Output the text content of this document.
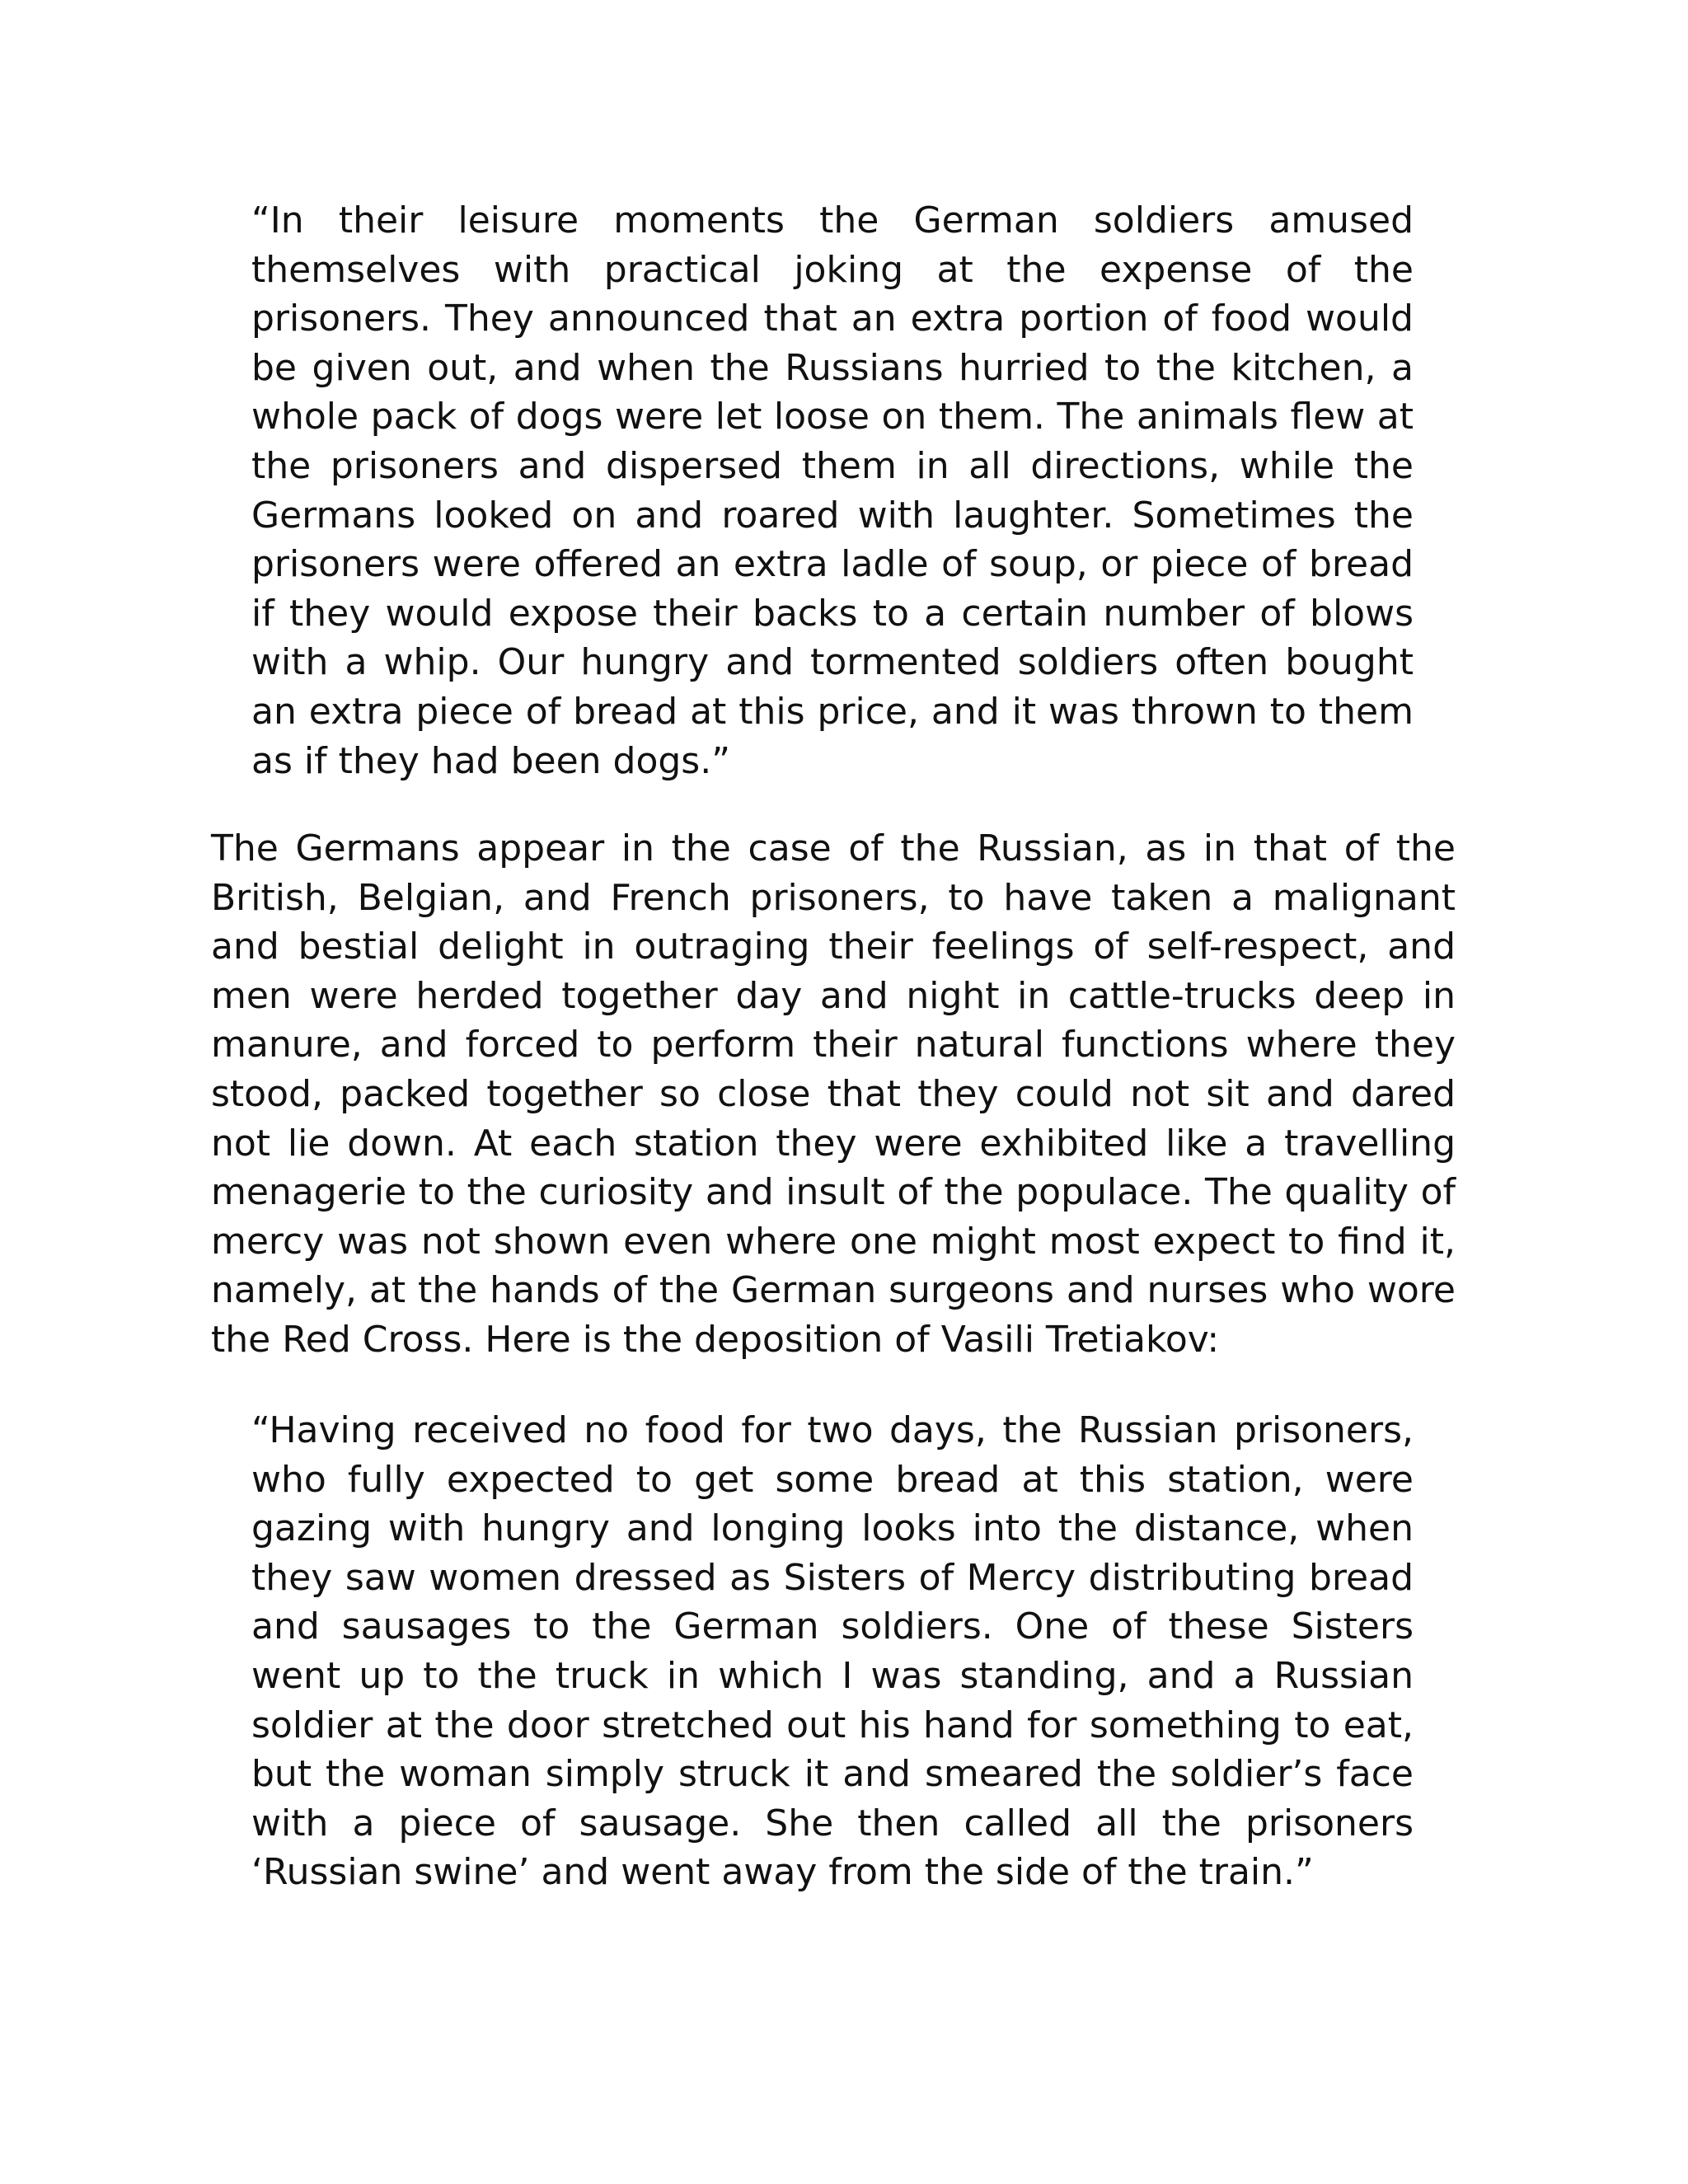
“In their leisure moments the German soldiers amused themselves with practical joking at the expense of the prisoners. They announced that an extra portion of food would be given out, and when the Russians hurried to the kitchen, a whole pack of dogs were let loose on them. The animals flew at the prisoners and dispersed them in all directions, while the Germans looked on and roared with laughter. Sometimes the prisoners were offered an extra ladle of soup, or piece of bread if they would expose their backs to a certain number of blows with a whip. Our hungry and tormented soldiers often bought an extra piece of bread at this price, and it was thrown to them as if they had been dogs.”

The Germans appear in the case of the Russian, as in that of the British, Belgian, and French prisoners, to have taken a malignant and bestial delight in outraging their feelings of self-respect, and men were herded together day and night in cattle-trucks deep in manure, and forced to perform their natural functions where they stood, packed together so close that they could not sit and dared not lie down. At each station they were exhibited like a travelling menagerie to the curiosity and insult of the populace. The quality of mercy was not shown even where one might most expect to find it, namely, at the hands of the German surgeons and nurses who wore the Red Cross. Here is the deposition of Vasili Tretiakov:

“Having received no food for two days, the Russian prisoners, who fully expected to get some bread at this station, were gazing with hungry and longing looks into the distance, when they saw women dressed as Sisters of Mercy distributing bread and sausages to the German soldiers. One of these Sisters went up to the truck in which I was standing, and a Russian soldier at the door stretched out his hand for something to eat, but the woman simply struck it and smeared the soldier’s face with a piece of sausage. She then called all the prisoners ‘Russian swine’ and went away from the side of the train.”
